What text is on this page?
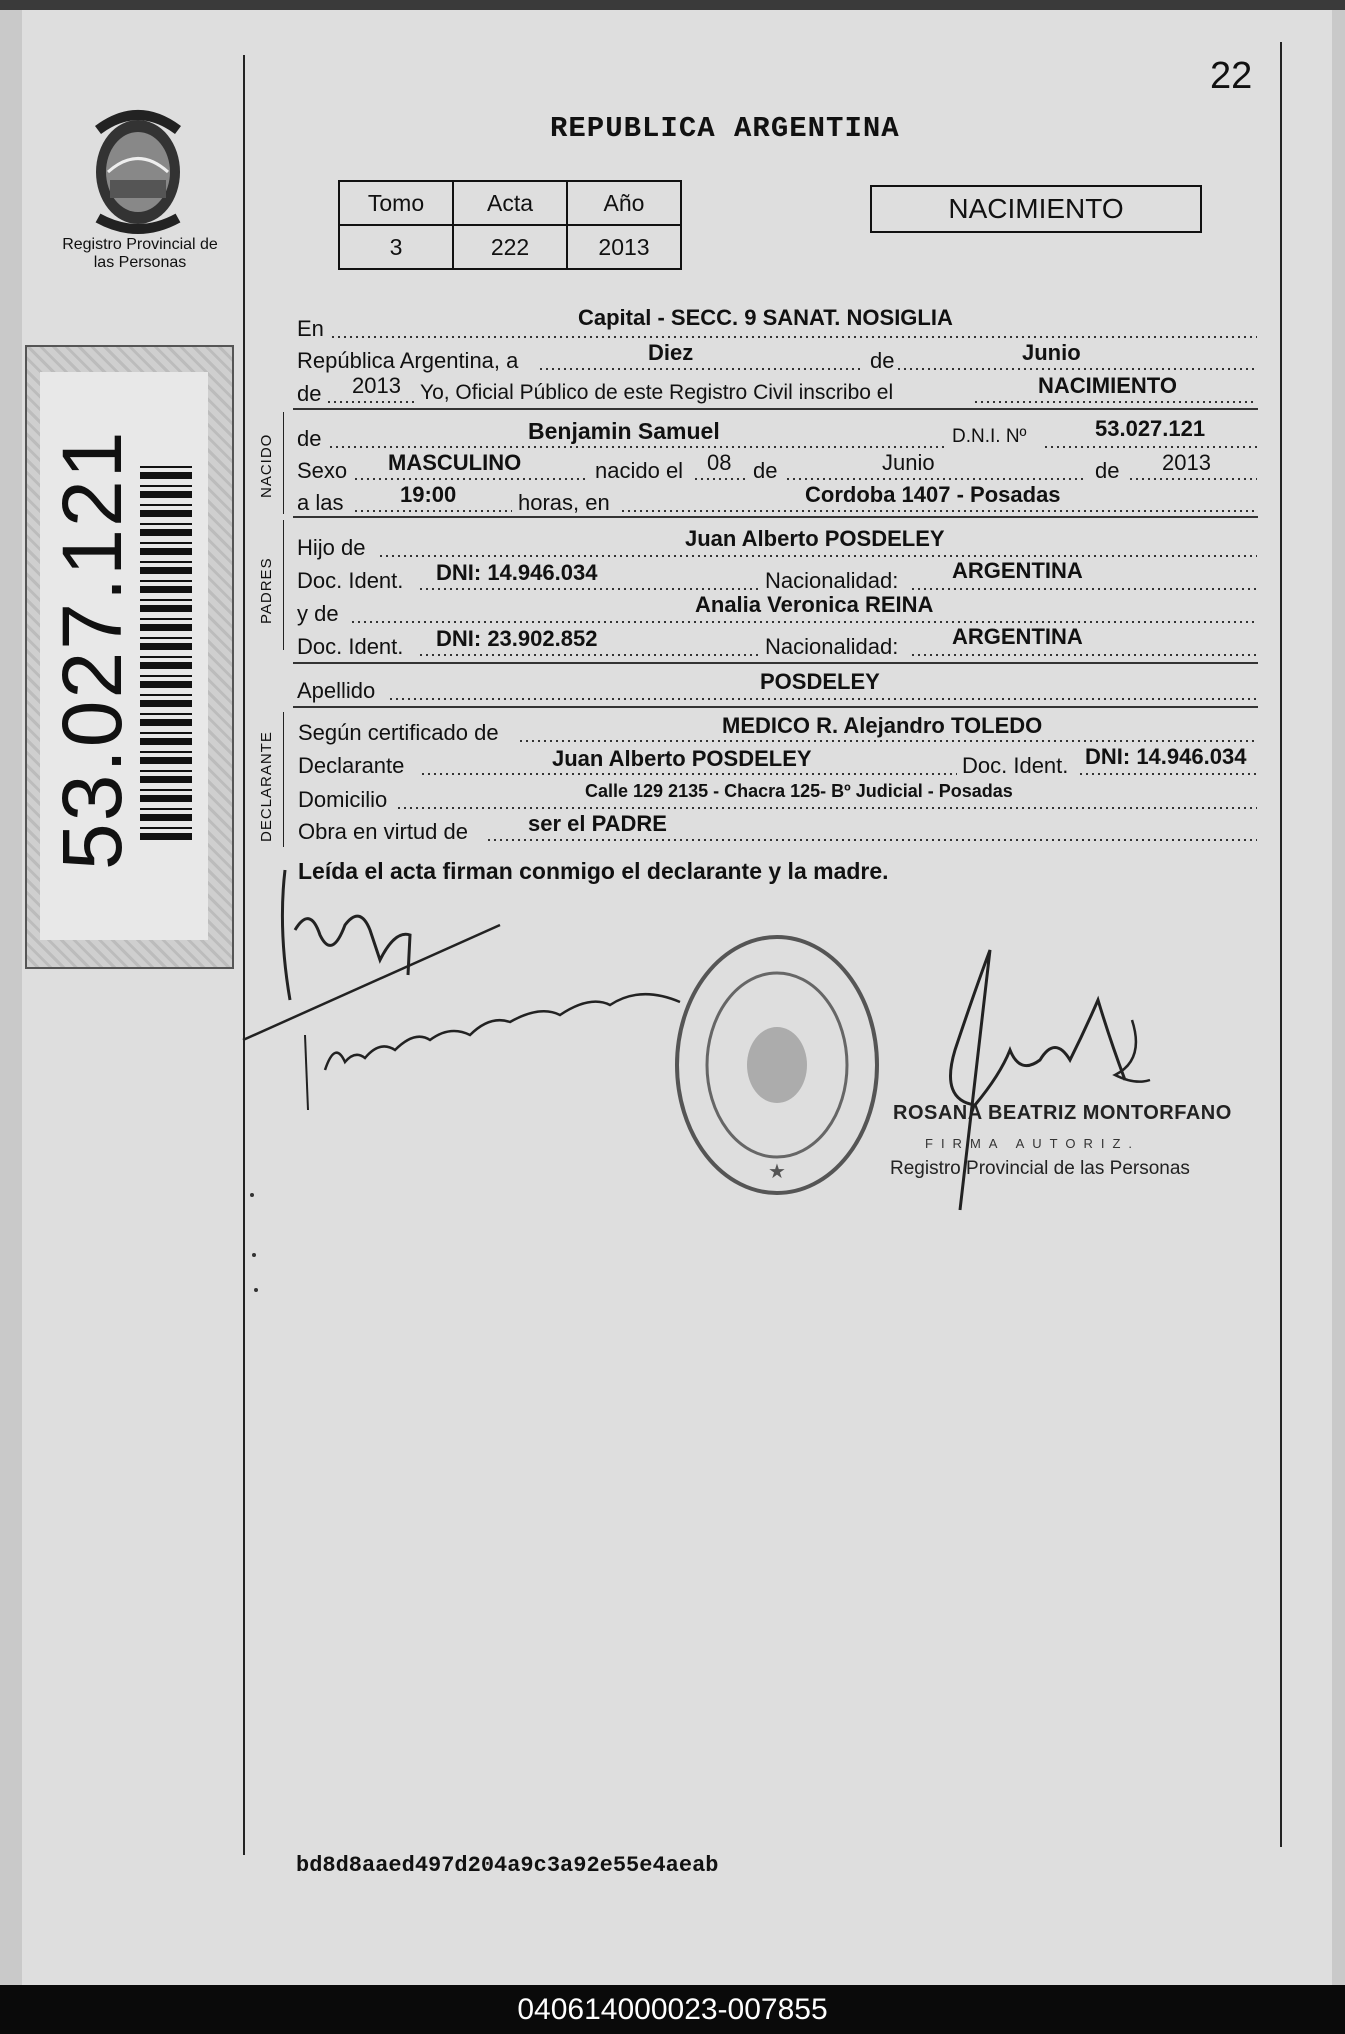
22
REPUBLICA ARGENTINA
Registro Provincial de las Personas
53.027.121
Tomo	Acta	Año
3	222	2013
NACIMIENTO
En	Capital - SECC. 9 SANAT. NOSIGLIA
República Argentina, a	Diez	de	Junio
de 2013 Yo, Oficial Público de este Registro Civil inscribo el	NACIMIENTO
NACIDO de	Benjamin Samuel	D.N.I. Nº	53.027.121
Sexo MASCULINO	nacido el 08 de	Junio	de 2013
a las	19:00	horas, en	Cordoba 1407 - Posadas
PADRES
Hijo de	Juan Alberto POSDELEY
Doc. Ident. DNI: 14.946.034	Nacionalidad: ARGENTINA
y de	Analia Veronica REINA
Doc. Ident. DNI: 23.902.852	Nacionalidad: ARGENTINA
Apellido	POSDELEY
DECLARANTE Según certificado de	MEDICO R. Alejandro TOLEDO
Declarante	Juan Alberto POSDELEY	Doc. Ident. DNI: 14.946.034
Domicilio	Calle 129 2135 - Chacra 125- Bº Judicial - Posadas
Obra en virtud de	ser el PADRE
Leída el acta firman conmigo el declarante y la madre.
★
ROSANA BEATRIZ MONTORFANO
FIRMA AUTORIZ.
Registro Provincial de las Personas
bd8d8aaed497d204a9c3a92e55e4aeab
040614000023-007855
